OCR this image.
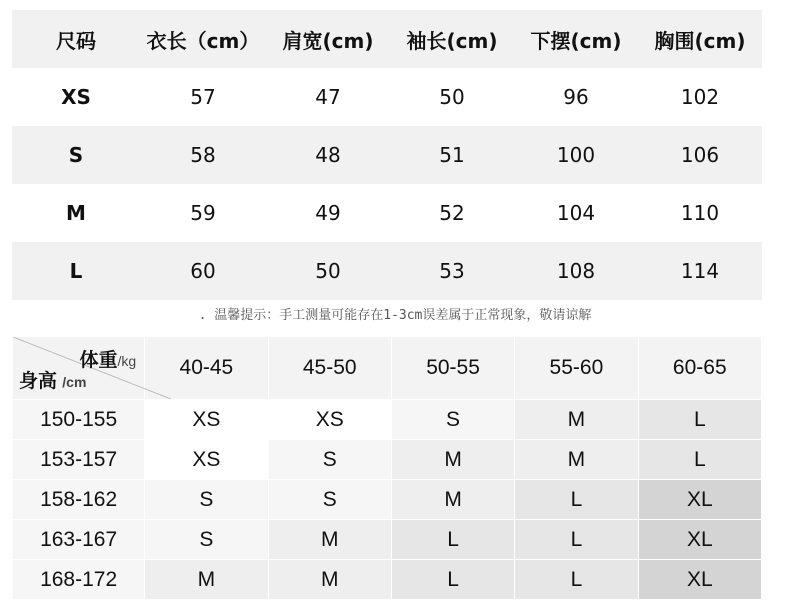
尺码	衣长（cm）	肩宽(cm)	袖长(cm)	下摆(cm)	胸围(cm)
XS	57	47	50	96	102
S	58	48	51	100	106
M	59	49	52	104	110
L	60	50	53	108	114
. 温馨提示：手工测量可能存在1-3cm误差属于正常现象，敬请谅解
体重/kg
身高 /cm	40-45	45-50	50-55	55-60	60-65
150-155	XS	XS	S	M	L
153-157	XS	S	M	M	L
158-162	S	S	M	L	XL
163-167	S	M	L	L	XL
168-172	M	M	L	L	XL
